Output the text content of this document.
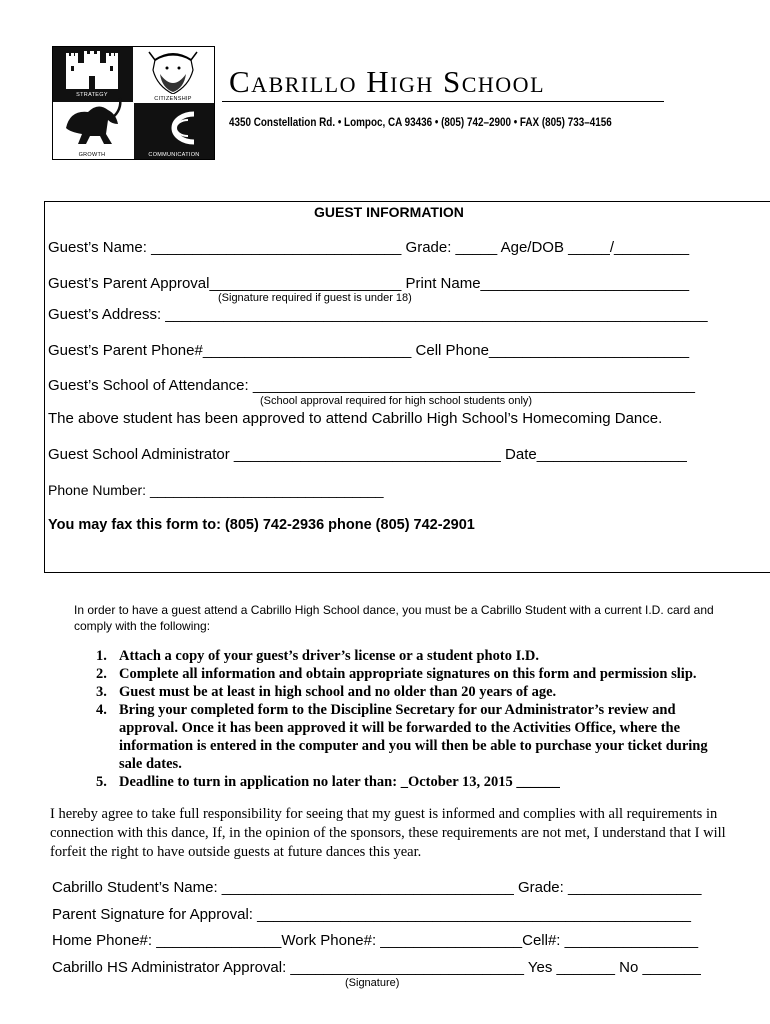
STRATEGY
CITIZENSHIP
GROWTH	COMMUNICATION
Cabrillo High School
4350 Constellation Rd. • Lompoc, CA 93436 • (805) 742–2900 • FAX (805) 733–4156
GUEST INFORMATION
Guest’s Name: ______________________________ Grade: _____ Age/DOB _____/_________
Guest’s Parent Approval_______________________ Print Name_________________________
(Signature required if guest is under 18)
Guest’s Address: _________________________________________________________________
Guest’s Parent Phone#_________________________ Cell Phone________________________
Guest’s School of Attendance: _____________________________________________________
(School approval required for high school students only)
The above student has been approved to attend Cabrillo High School’s Homecoming Dance.
Guest School Administrator ________________________________ Date__________________
Phone Number: ______________________________
You may fax this form to: (805) 742-2936 phone (805) 742-2901
In order to have a guest attend a Cabrillo High School dance, you must be a Cabrillo Student with a current I.D. card and comply with the following:
1. Attach a copy of your guest’s driver’s license or a student photo I.D.
2. Complete all information and obtain appropriate signatures on this form and permission slip.
3. Guest must be at least in high school and no older than 20 years of age.
4. Bring your completed form to the Discipline Secretary for our Administrator’s review and approval. Once it has been approved it will be forwarded to the Activities Office, where the information is entered in the computer and you will then be able to purchase your ticket during sale dates.
5. Deadline to turn in application no later than: _October 13, 2015 ______
I hereby agree to take full responsibility for seeing that my guest is informed and complies with all requirements in connection with this dance, If, in the opinion of the sponsors, these requirements are not met, I understand that I will forfeit the right to have outside guests at future dances this year.
Cabrillo Student’s Name: ___________________________________ Grade: ________________
Parent Signature for Approval: ____________________________________________________
Home Phone#: _______________Work Phone#: _________________Cell#: ________________
Cabrillo HS Administrator Approval: ____________________________ Yes _______ No _______
(Signature)
